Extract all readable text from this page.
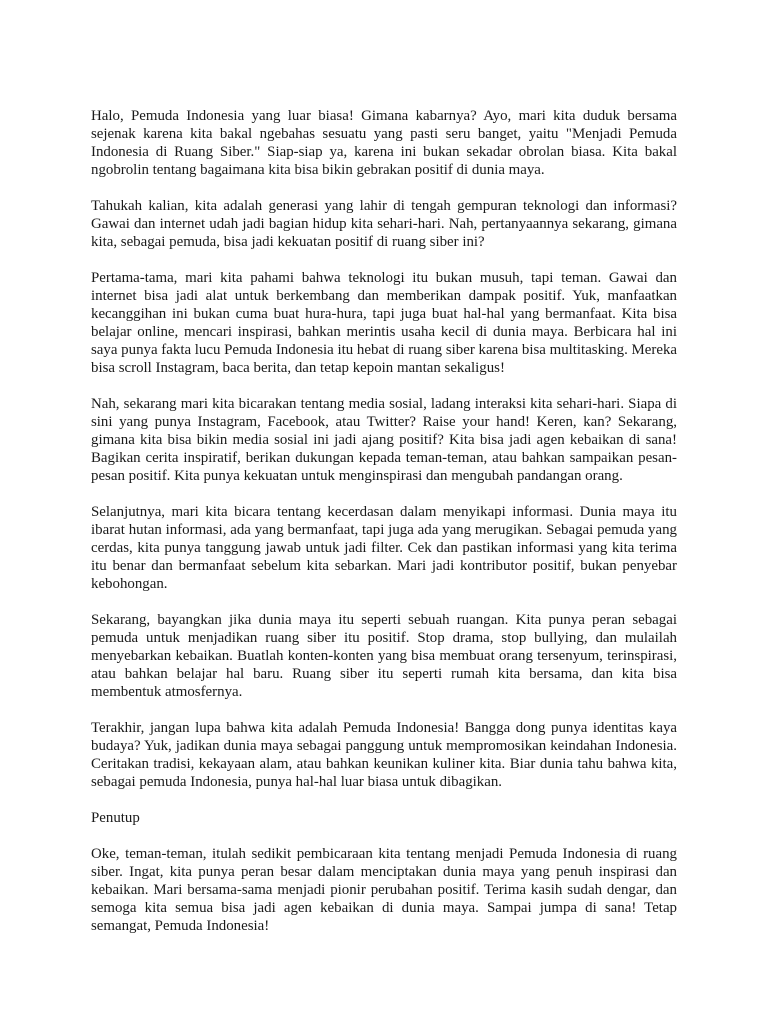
Halo, Pemuda Indonesia yang luar biasa! Gimana kabarnya? Ayo, mari kita duduk bersama sejenak karena kita bakal ngebahas sesuatu yang pasti seru banget, yaitu "Menjadi Pemuda Indonesia di Ruang Siber." Siap-siap ya, karena ini bukan sekadar obrolan biasa. Kita bakal ngobrolin tentang bagaimana kita bisa bikin gebrakan positif di dunia maya.

Tahukah kalian, kita adalah generasi yang lahir di tengah gempuran teknologi dan informasi? Gawai dan internet udah jadi bagian hidup kita sehari-hari. Nah, pertanyaannya sekarang, gimana kita, sebagai pemuda, bisa jadi kekuatan positif di ruang siber ini?

Pertama-tama, mari kita pahami bahwa teknologi itu bukan musuh, tapi teman. Gawai dan internet bisa jadi alat untuk berkembang dan memberikan dampak positif. Yuk, manfaatkan kecanggihan ini bukan cuma buat hura-hura, tapi juga buat hal-hal yang bermanfaat. Kita bisa belajar online, mencari inspirasi, bahkan merintis usaha kecil di dunia maya. Berbicara hal ini saya punya fakta lucu Pemuda Indonesia itu hebat di ruang siber karena bisa multitasking. Mereka bisa scroll Instagram, baca berita, dan tetap kepoin mantan sekaligus!

Nah, sekarang mari kita bicarakan tentang media sosial, ladang interaksi kita sehari-hari. Siapa di sini yang punya Instagram, Facebook, atau Twitter? Raise your hand! Keren, kan? Sekarang, gimana kita bisa bikin media sosial ini jadi ajang positif? Kita bisa jadi agen kebaikan di sana! Bagikan cerita inspiratif, berikan dukungan kepada teman-teman, atau bahkan sampaikan pesan-pesan positif. Kita punya kekuatan untuk menginspirasi dan mengubah pandangan orang.

Selanjutnya, mari kita bicara tentang kecerdasan dalam menyikapi informasi. Dunia maya itu ibarat hutan informasi, ada yang bermanfaat, tapi juga ada yang merugikan. Sebagai pemuda yang cerdas, kita punya tanggung jawab untuk jadi filter. Cek dan pastikan informasi yang kita terima itu benar dan bermanfaat sebelum kita sebarkan. Mari jadi kontributor positif, bukan penyebar kebohongan.

Sekarang, bayangkan jika dunia maya itu seperti sebuah ruangan. Kita punya peran sebagai pemuda untuk menjadikan ruang siber itu positif. Stop drama, stop bullying, dan mulailah menyebarkan kebaikan. Buatlah konten-konten yang bisa membuat orang tersenyum, terinspirasi, atau bahkan belajar hal baru. Ruang siber itu seperti rumah kita bersama, dan kita bisa membentuk atmosfernya.

Terakhir, jangan lupa bahwa kita adalah Pemuda Indonesia! Bangga dong punya identitas kaya budaya? Yuk, jadikan dunia maya sebagai panggung untuk mempromosikan keindahan Indonesia. Ceritakan tradisi, kekayaan alam, atau bahkan keunikan kuliner kita. Biar dunia tahu bahwa kita, sebagai pemuda Indonesia, punya hal-hal luar biasa untuk dibagikan.

Penutup

Oke, teman-teman, itulah sedikit pembicaraan kita tentang menjadi Pemuda Indonesia di ruang siber. Ingat, kita punya peran besar dalam menciptakan dunia maya yang penuh inspirasi dan kebaikan. Mari bersama-sama menjadi pionir perubahan positif. Terima kasih sudah dengar, dan semoga kita semua bisa jadi agen kebaikan di dunia maya. Sampai jumpa di sana! Tetap semangat, Pemuda Indonesia!
